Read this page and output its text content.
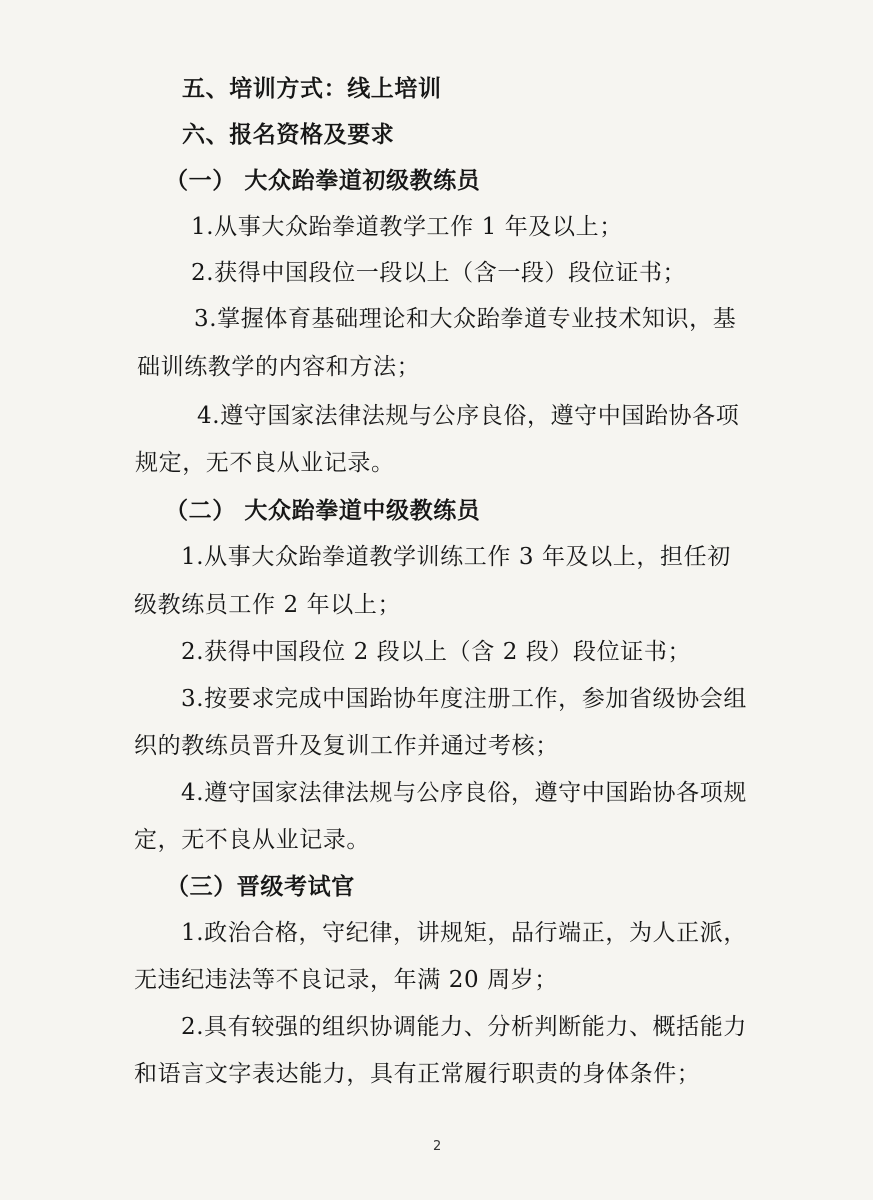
五、培训方式：线上培训
六、报名资格及要求
（一） 大众跆拳道初级教练员
1.从事大众跆拳道教学工作 1 年及以上；
2.获得中国段位一段以上（含一段）段位证书；
3.掌握体育基础理论和大众跆拳道专业技术知识，基
础训练教学的内容和方法；
4.遵守国家法律法规与公序良俗，遵守中国跆协各项
规定，无不良从业记录。
（二） 大众跆拳道中级教练员
1.从事大众跆拳道教学训练工作 3 年及以上，担任初
级教练员工作 2 年以上；
2.获得中国段位 2 段以上（含 2 段）段位证书；
3.按要求完成中国跆协年度注册工作，参加省级协会组
织的教练员晋升及复训工作并通过考核；
4.遵守国家法律法规与公序良俗，遵守中国跆协各项规
定，无不良从业记录。
（三）晋级考试官
1.政治合格，守纪律，讲规矩，品行端正，为人正派，
无违纪违法等不良记录，年满 20 周岁；
2.具有较强的组织协调能力、分析判断能力、概括能力
和语言文字表达能力，具有正常履行职责的身体条件；
2
